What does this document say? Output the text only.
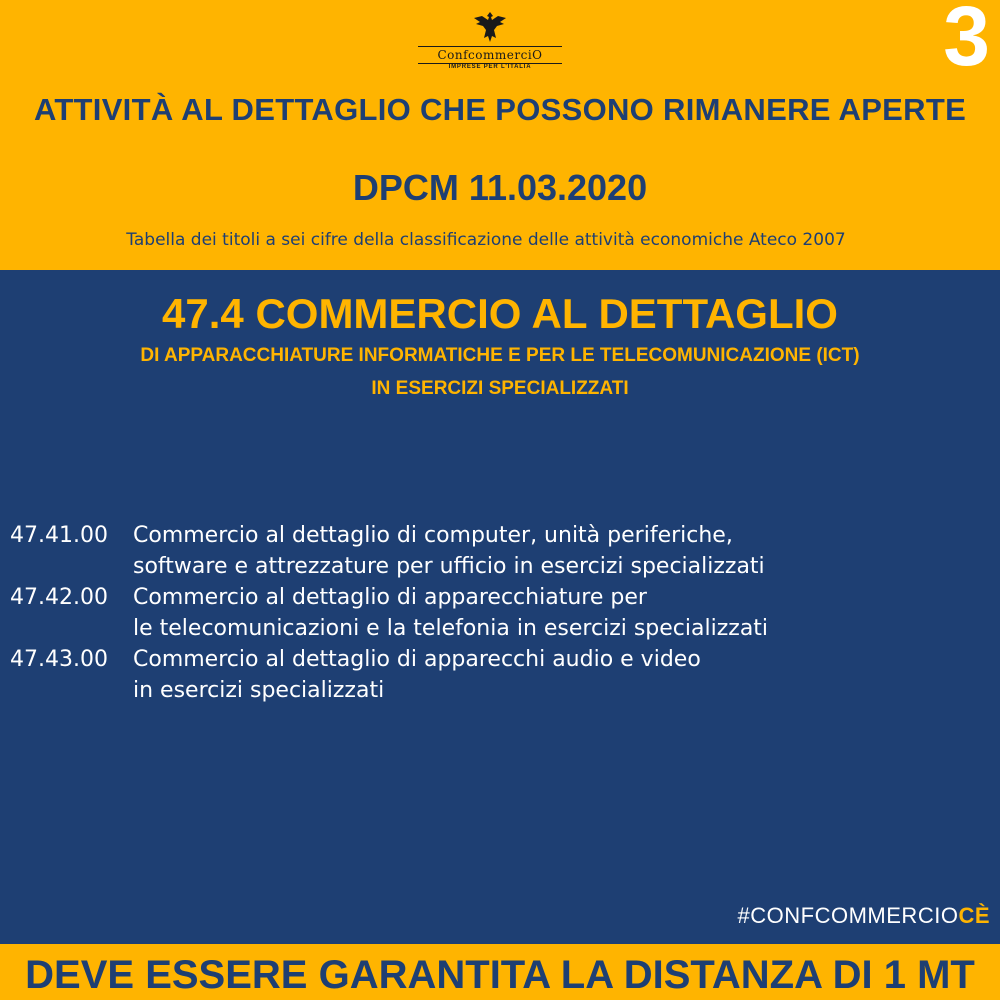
ConfcommerciO
IMPRESE PER L'ITALIA	3
ATTIVITÀ AL DETTAGLIO CHE POSSONO RIMANERE APERTE
DPCM 11.03.2020
Tabella dei titoli a sei cifre della classificazione delle attività economiche Ateco 2007
47.4 COMMERCIO AL DETTAGLIO
DI APPARACCHIATURE INFORMATICHE E PER LE TELECOMUNICAZIONE (ICT)
IN ESERCIZI SPECIALIZZATI
47.41.00 Commercio al dettaglio di computer, unità periferiche,
software e attrezzature per ufficio in esercizi specializzati
47.42.00 Commercio al dettaglio di apparecchiature per
le telecomunicazioni e la telefonia in esercizi specializzati
47.43.00 Commercio al dettaglio di apparecchi audio e video
in esercizi specializzati
#CONFCOMMERCIOCÈ
DEVE ESSERE GARANTITA LA DISTANZA DI 1 MT
